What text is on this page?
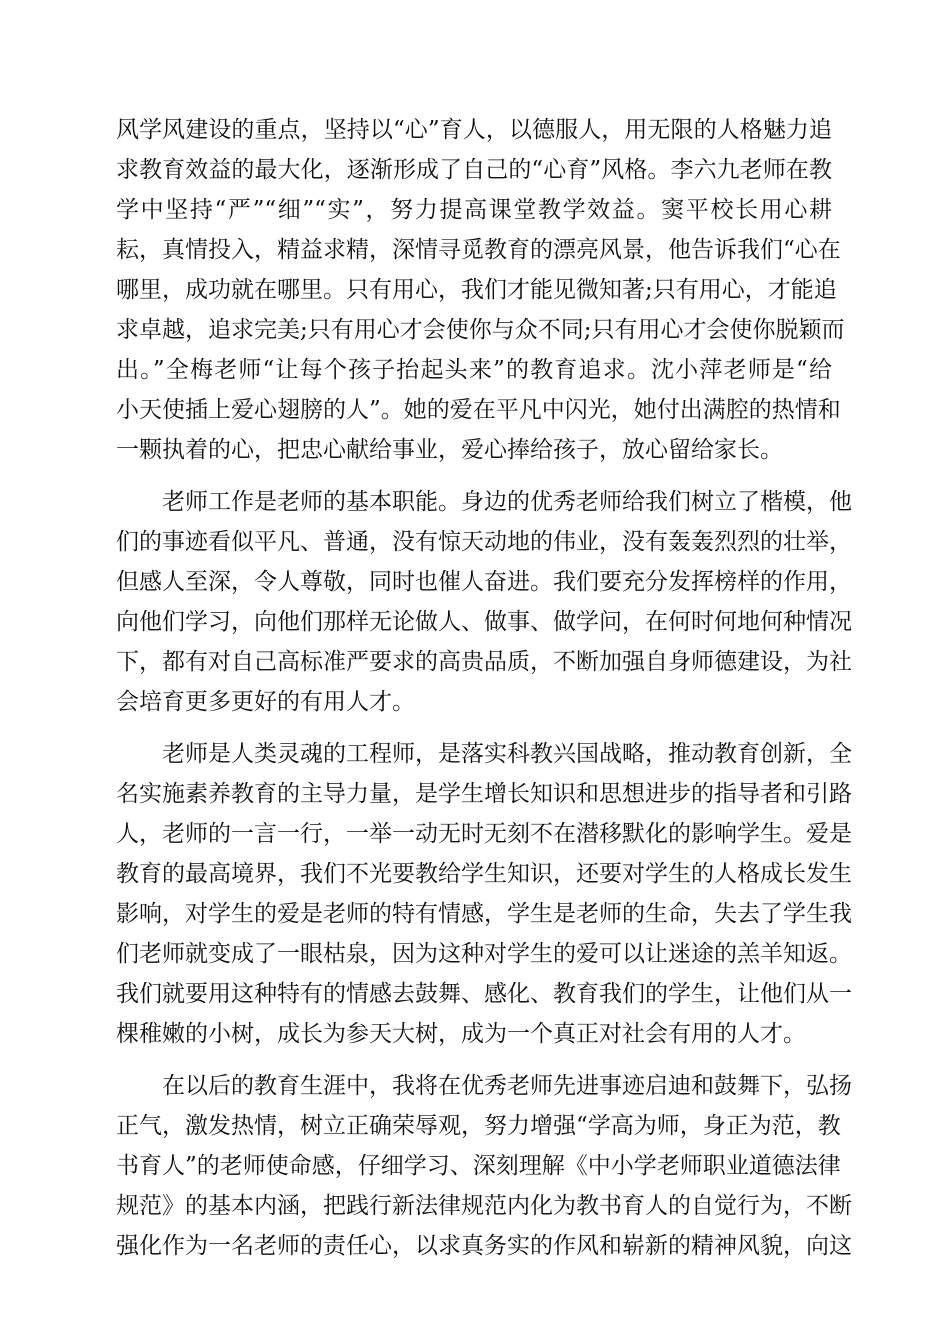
风学风建设的重点，坚持以“心”育人，以德服人，用无限的人格魅力追
求教育效益的最大化，逐渐形成了自己的“心育”风格。李六九老师在教
学中坚持“严”“细”“实”，努力提高课堂教学效益。窦平校长用心耕
耘，真情投入，精益求精，深情寻觅教育的漂亮风景，他告诉我们“心在
哪里，成功就在哪里。只有用心，我们才能见微知著;只有用心，才能追
求卓越，追求完美;只有用心才会使你与众不同;只有用心才会使你脱颖而
出。”全梅老师“让每个孩子抬起头来”的教育追求。沈小萍老师是“给
小天使插上爱心翅膀的人”。她的爱在平凡中闪光，她付出满腔的热情和
一颗执着的心，把忠心献给事业，爱心捧给孩子，放心留给家长。
老师工作是老师的基本职能。身边的优秀老师给我们树立了楷模，他
们的事迹看似平凡、普通，没有惊天动地的伟业，没有轰轰烈烈的壮举，
但感人至深，令人尊敬，同时也催人奋进。我们要充分发挥榜样的作用，
向他们学习，向他们那样无论做人、做事、做学问，在何时何地何种情况
下，都有对自己高标准严要求的高贵品质，不断加强自身师德建设，为社
会培育更多更好的有用人才。
老师是人类灵魂的工程师，是落实科教兴国战略，推动教育创新，全
名实施素养教育的主导力量，是学生增长知识和思想进步的指导者和引路
人，老师的一言一行，一举一动无时无刻不在潜移默化的影响学生。爱是
教育的最高境界，我们不光要教给学生知识，还要对学生的人格成长发生
影响，对学生的爱是老师的特有情感，学生是老师的生命，失去了学生我
们老师就变成了一眼枯泉，因为这种对学生的爱可以让迷途的羔羊知返。
我们就要用这种特有的情感去鼓舞、感化、教育我们的学生，让他们从一
棵稚嫩的小树，成长为参天大树，成为一个真正对社会有用的人才。
在以后的教育生涯中，我将在优秀老师先进事迹启迪和鼓舞下，弘扬
正气，激发热情，树立正确荣辱观，努力增强“学高为师，身正为范，教
书育人”的老师使命感，仔细学习、深刻理解《中小学老师职业道德法律
规范》的基本内涵，把践行新法律规范内化为教书育人的自觉行为，不断
强化作为一名老师的责任心，以求真务实的作风和崭新的精神风貌，向这
